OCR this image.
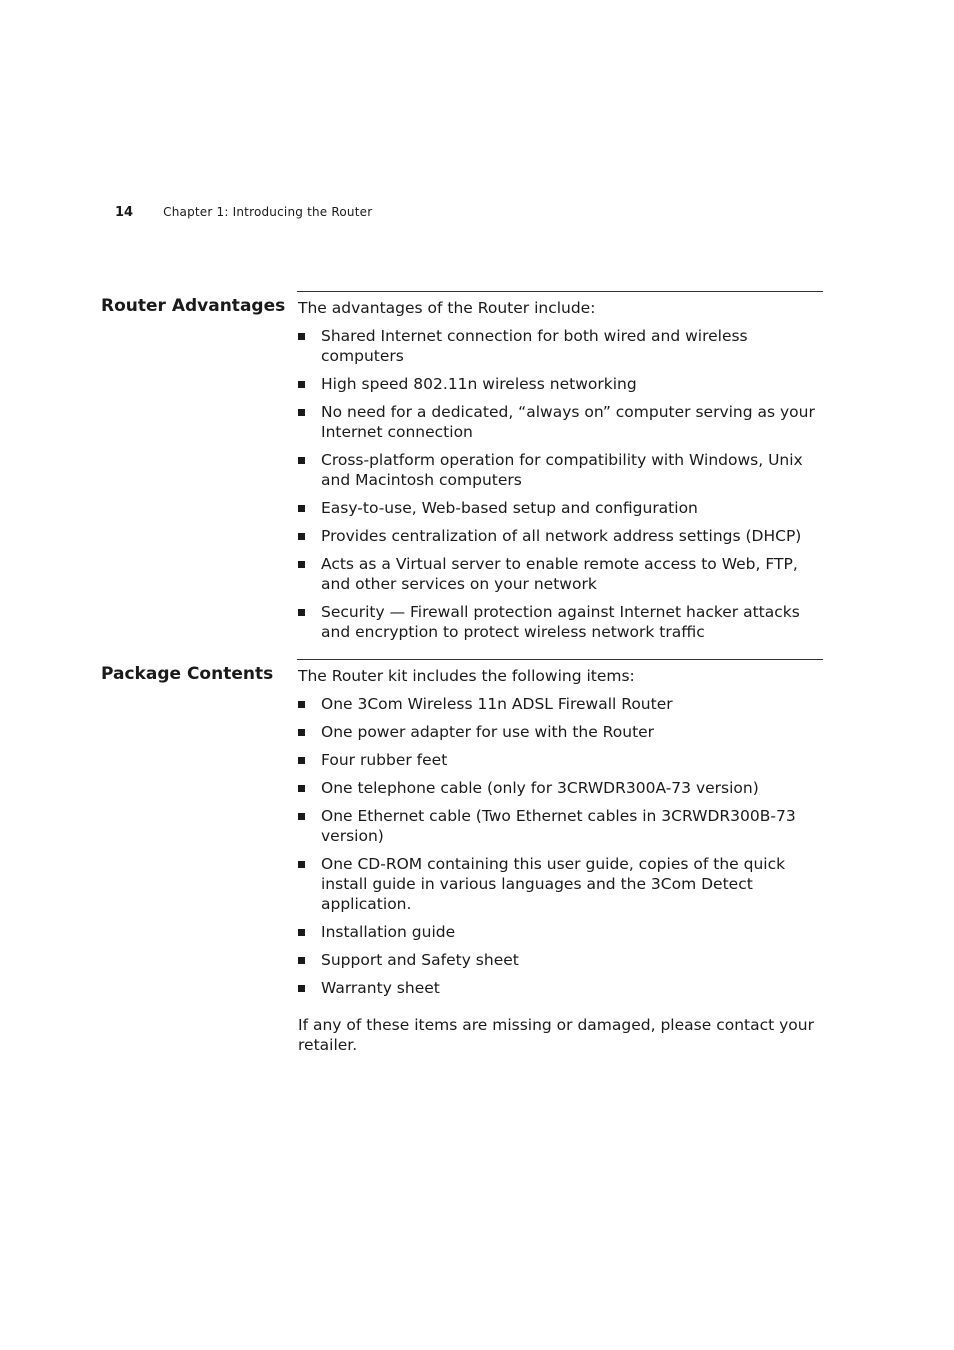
14	Chapter 1: Introducing the Router
Router Advantages The advantages of the Router include:

Shared Internet connection for both wired and wireless computers
High speed 802.11n wireless networking
No need for a dedicated, “always on” computer serving as your Internet connection
Cross-platform operation for compatibility with Windows, Unix and Macintosh computers
Easy-to-use, Web-based setup and configuration
Provides centralization of all network address settings (DHCP)
Acts as a Virtual server to enable remote access to Web, FTP, and other services on your network
Security — Firewall protection against Internet hacker attacks and encryption to protect wireless network traffic
Package Contents The Router kit includes the following items:

One 3Com Wireless 11n ADSL Firewall Router
One power adapter for use with the Router
Four rubber feet
One telephone cable (only for 3CRWDR300A-73 version)
One Ethernet cable (Two Ethernet cables in 3CRWDR300B-73 version)
One CD-ROM containing this user guide, copies of the quick install guide in various languages and the 3Com Detect application.
Installation guide
Support and Safety sheet
Warranty sheet

If any of these items are missing or damaged, please contact your retailer.
